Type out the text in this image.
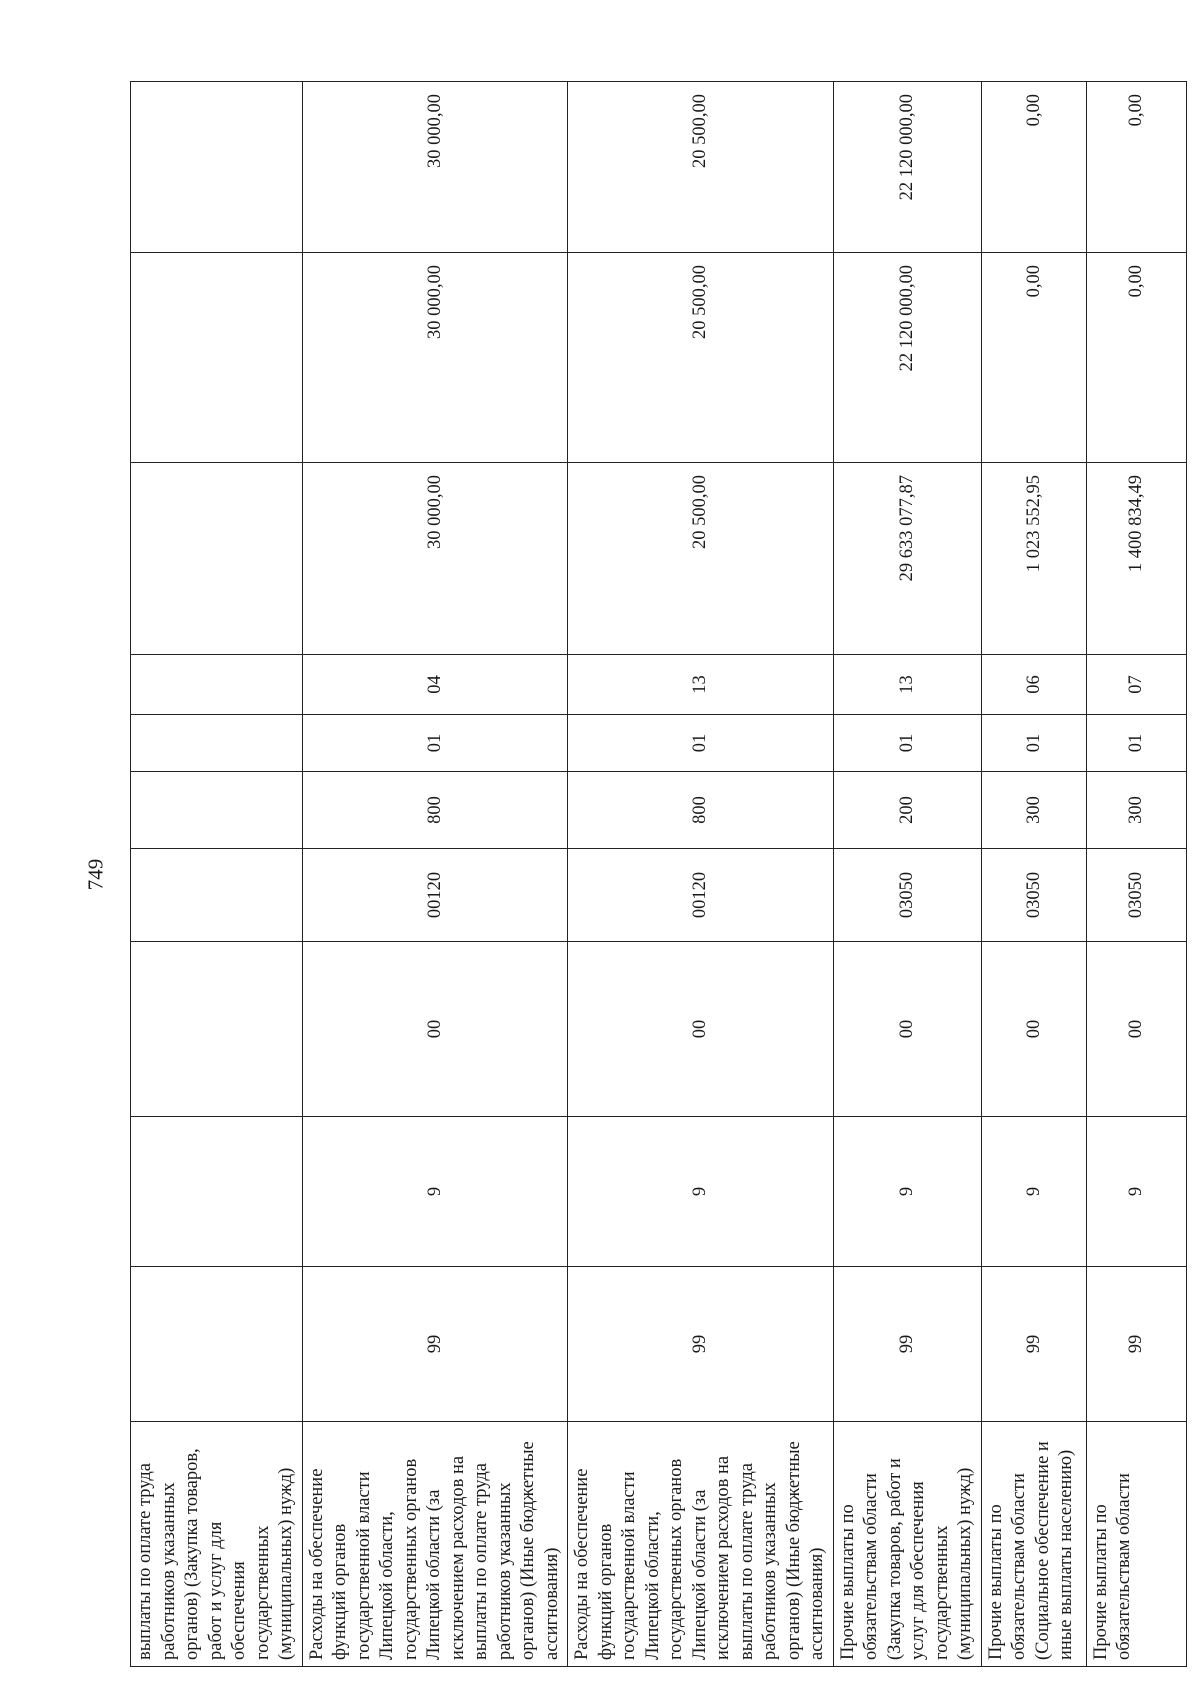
749
выплаты по оплате труда работников указанных органов) (Закупка товаров, работ и услуг для обеспечения государственных (муниципальных) нужд)										
Расходы на обеспечение функций органов государственной власти Липецкой области, государственных органов Липецкой области (за исключением расходов на выплаты по оплате труда работников указанных органов) (Иные бюджетные ассигнования)	99	9	00	00120	800	01	04	30 000,00	30 000,00	30 000,00
Расходы на обеспечение функций органов государственной власти Липецкой области, государственных органов Липецкой области (за исключением расходов на выплаты по оплате труда работников указанных органов) (Иные бюджетные ассигнования)	99	9	00	00120	800	01	13	20 500,00	20 500,00	20 500,00
Прочие выплаты по обязательствам области (Закупка товаров, работ и услуг для обеспечения государственных (муниципальных) нужд)	99	9	00	03050	200	01	13	29 633 077,87	22 120 000,00	22 120 000,00
Прочие выплаты по обязательствам области (Социальное обеспечение и иные выплаты населению)	99	9	00	03050	300	01	06	1 023 552,95	0,00	0,00
Прочие выплаты по обязательствам области	99	9	00	03050	300	01	07	1 400 834,49	0,00	0,00
